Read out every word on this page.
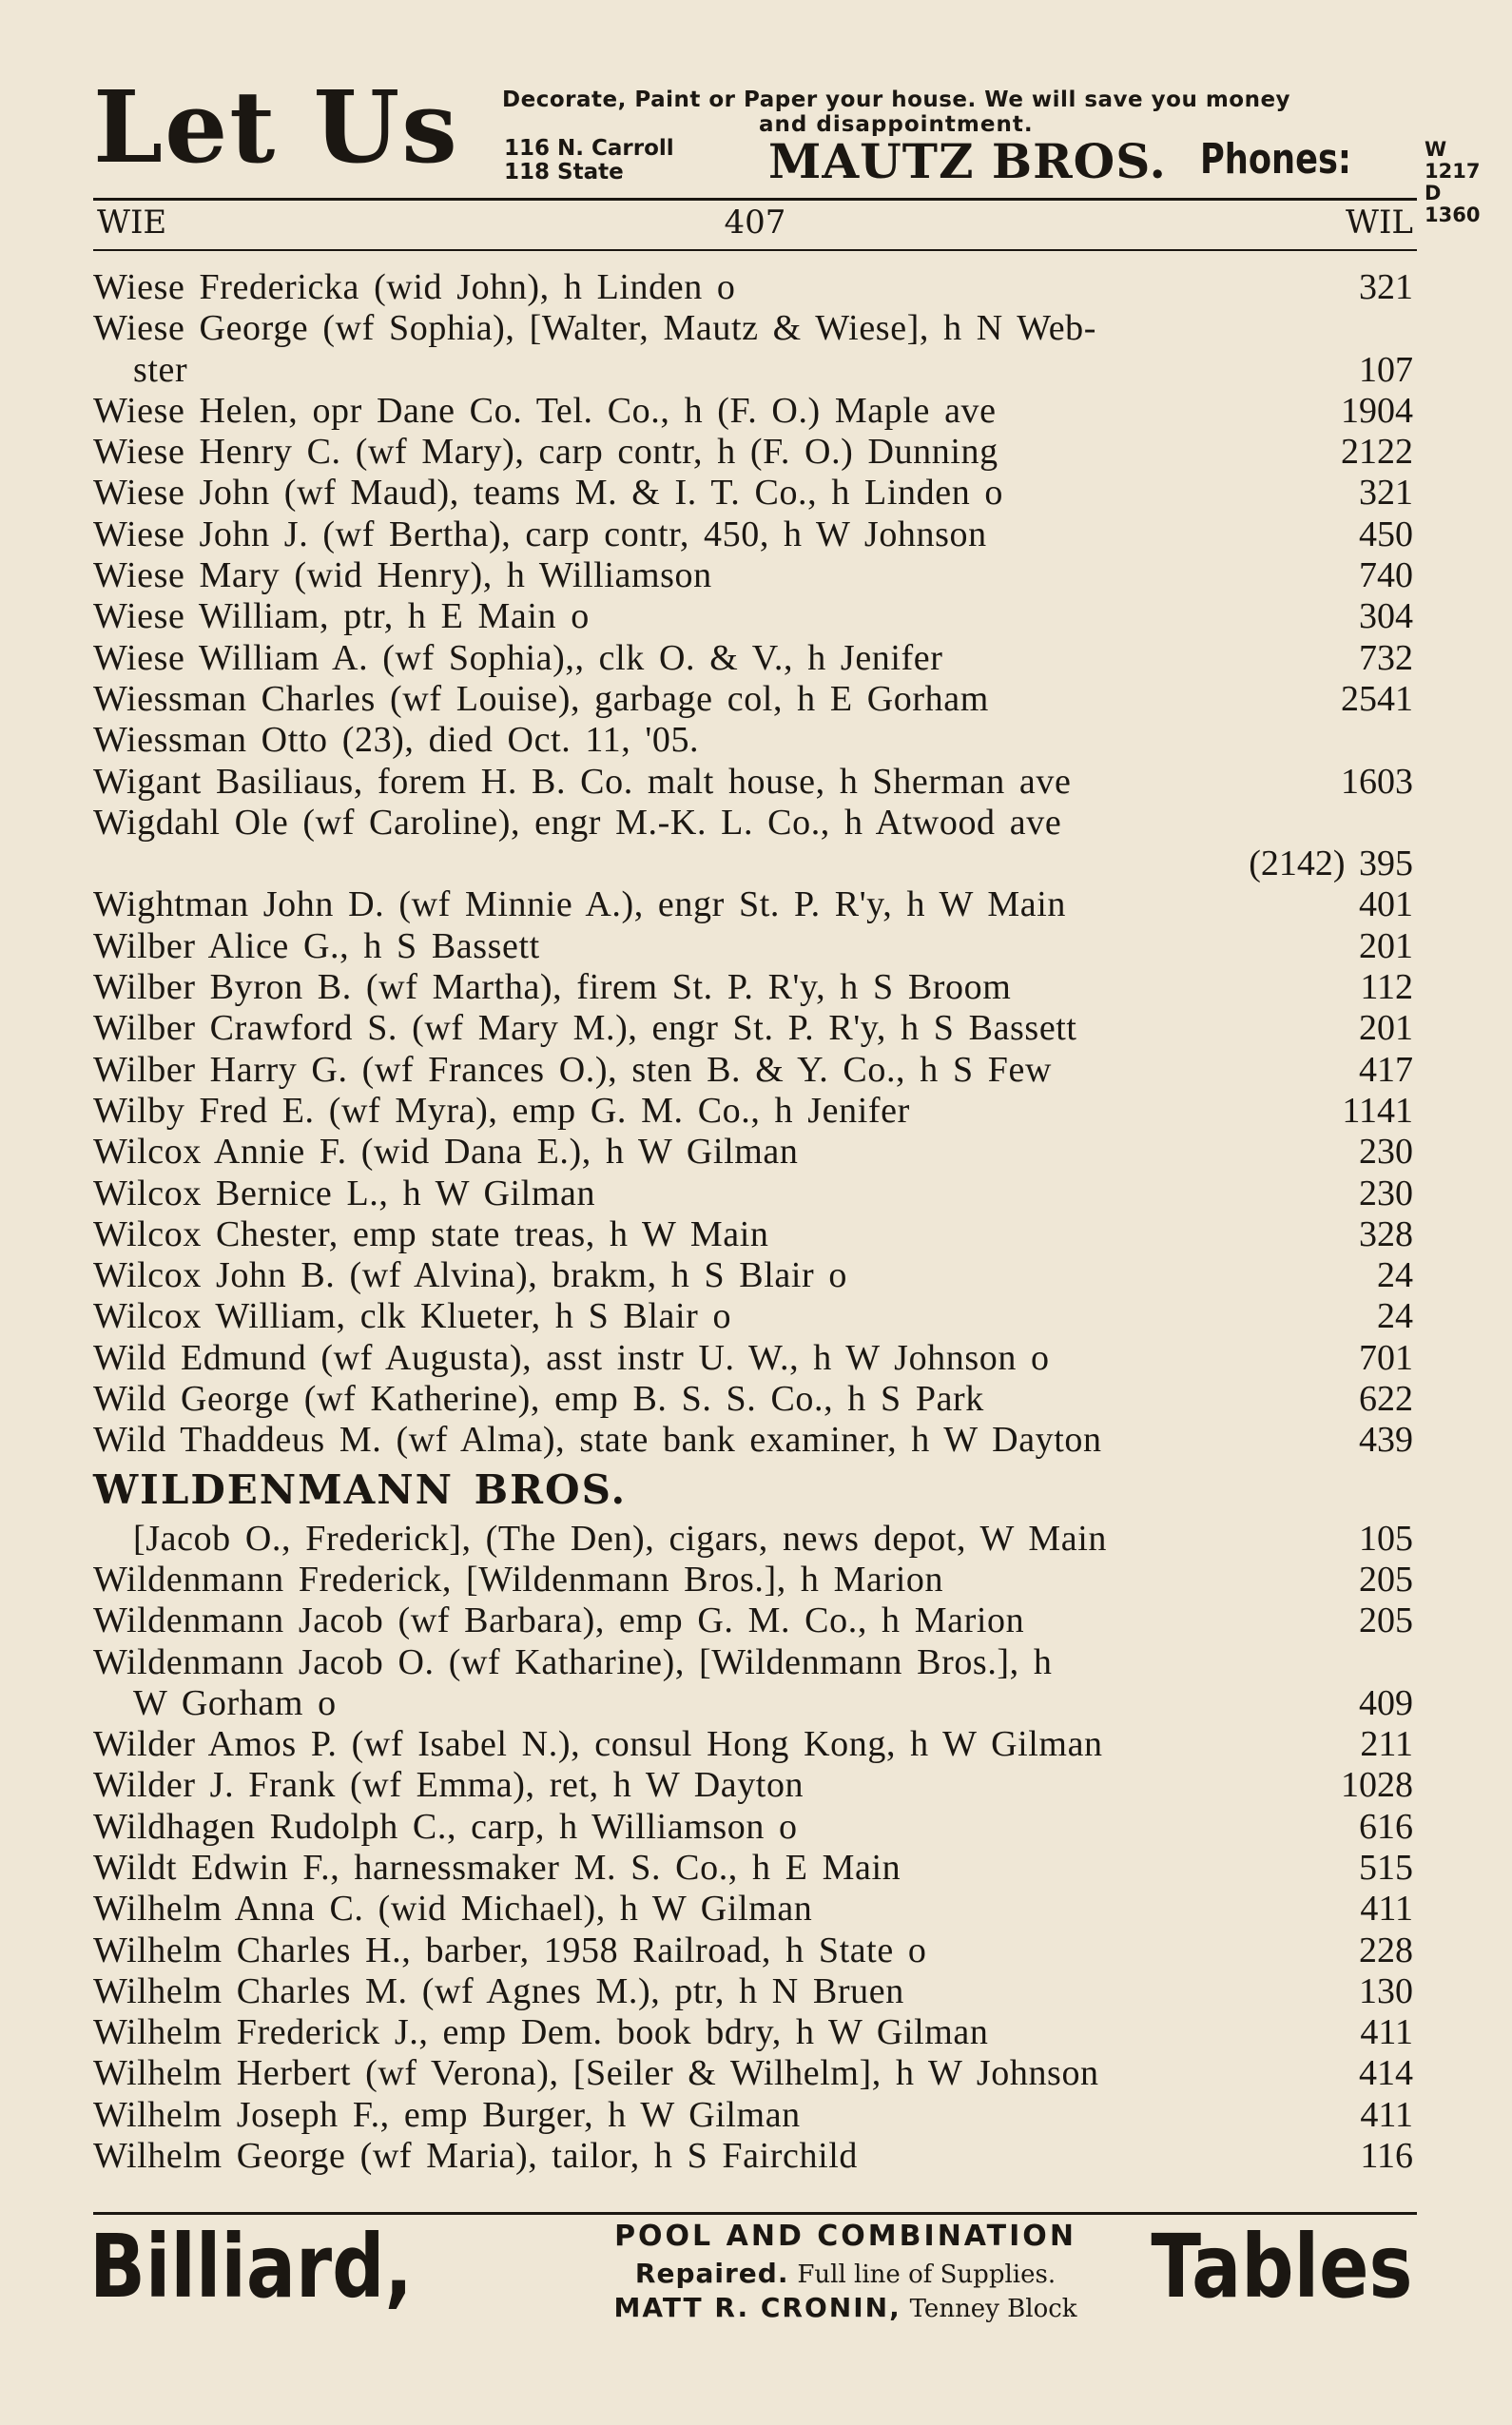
Let Us Decorate, Paint or Paper your house. We will save you money
and disappointment.
116 N. Carroll
118 State	MAUTZ BROS. Phones:	W 1217
D 1360
WIE	407	WIL
Wiese Fredericka (wid John), h Linden o	321
Wiese George (wf Sophia), [Walter, Mautz & Wiese], h N Web-
ster	107
Wiese Helen, opr Dane Co. Tel. Co., h (F. O.) Maple ave	1904
Wiese Henry C. (wf Mary), carp contr, h (F. O.) Dunning	2122
Wiese John (wf Maud), teams M. & I. T. Co., h Linden o	321
Wiese John J. (wf Bertha), carp contr, 450, h W Johnson	450
Wiese Mary (wid Henry), h Williamson	740
Wiese William, ptr, h E Main o	304
Wiese William A. (wf Sophia),, clk O. & V., h Jenifer	732
Wiessman Charles (wf Louise), garbage col, h E Gorham	2541
Wiessman Otto (23), died Oct. 11, '05.
Wigant Basiliaus, forem H. B. Co. malt house, h Sherman ave	1603
Wigdahl Ole (wf Caroline), engr M.-K. L. Co., h Atwood ave
(2142) 395
Wightman John D. (wf Minnie A.), engr St. P. R'y, h W Main	401
Wilber Alice G., h S Bassett	201
Wilber Byron B. (wf Martha), firem St. P. R'y, h S Broom	112
Wilber Crawford S. (wf Mary M.), engr St. P. R'y, h S Bassett	201
Wilber Harry G. (wf Frances O.), sten B. & Y. Co., h S Few	417
Wilby Fred E. (wf Myra), emp G. M. Co., h Jenifer	1141
Wilcox Annie F. (wid Dana E.), h W Gilman	230
Wilcox Bernice L., h W Gilman	230
Wilcox Chester, emp state treas, h W Main	328
Wilcox John B. (wf Alvina), brakm, h S Blair o	24
Wilcox William, clk Klueter, h S Blair o	24
Wild Edmund (wf Augusta), asst instr U. W., h W Johnson o	701
Wild George (wf Katherine), emp B. S. S. Co., h S Park	622
Wild Thaddeus M. (wf Alma), state bank examiner, h W Dayton	439
WILDENMANN BROS.
[Jacob O., Frederick], (The Den), cigars, news depot, W Main	105
Wildenmann Frederick, [Wildenmann Bros.], h Marion	205
Wildenmann Jacob (wf Barbara), emp G. M. Co., h Marion	205
Wildenmann Jacob O. (wf Katharine), [Wildenmann Bros.], h
W Gorham o	409
Wilder Amos P. (wf Isabel N.), consul Hong Kong, h W Gilman	211
Wilder J. Frank (wf Emma), ret, h W Dayton	1028
Wildhagen Rudolph C., carp, h Williamson o	616
Wildt Edwin F., harnessmaker M. S. Co., h E Main	515
Wilhelm Anna C. (wid Michael), h W Gilman	411
Wilhelm Charles H., barber, 1958 Railroad, h State o	228
Wilhelm Charles M. (wf Agnes M.), ptr, h N Bruen	130
Wilhelm Frederick J., emp Dem. book bdry, h W Gilman	411
Wilhelm Herbert (wf Verona), [Seiler & Wilhelm], h W Johnson	414
Wilhelm Joseph F., emp Burger, h W Gilman	411
Wilhelm George (wf Maria), tailor, h S Fairchild	116
Billiard,	POOL AND COMBINATION
Repaired. Full line of Supplies.
MATT R. CRONIN, Tenney Block Tables
